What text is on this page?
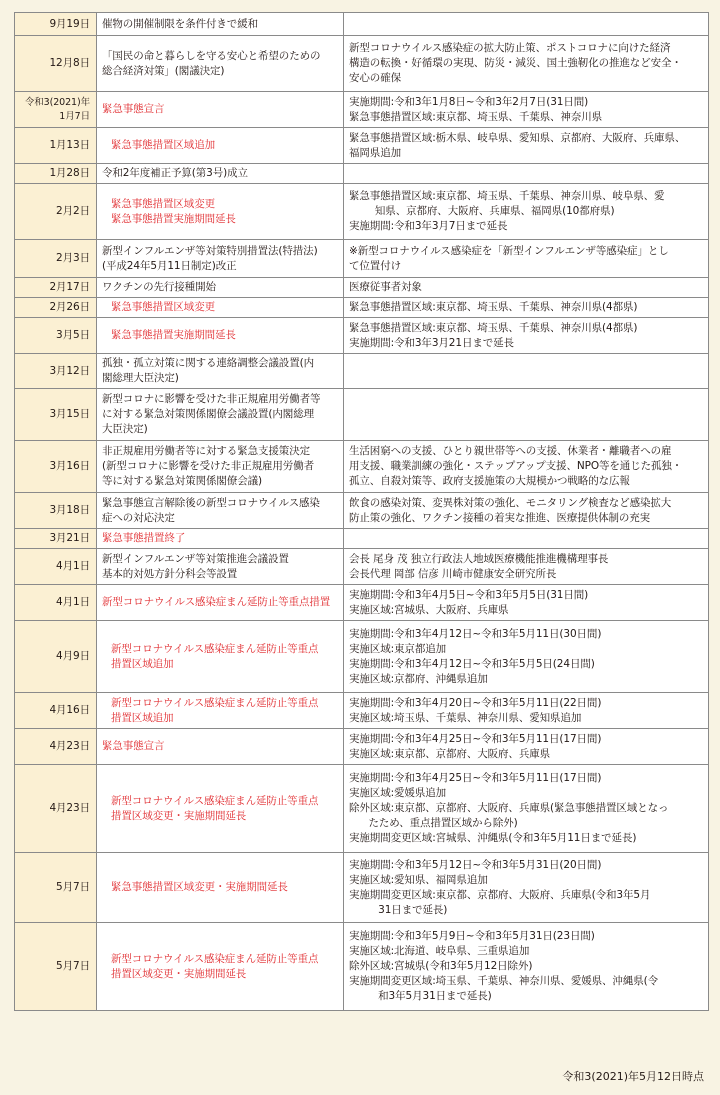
9月19日	催物の開催制限を条件付きで緩和	
12月8日	「国民の命と暮らしを守る安心と希望のための
総合経済対策」(閣議決定)	新型コロナウイルス感染症の拡大防止策、ポストコロナに向けた経済
構造の転換・好循環の実現、防災・減災、国土強靭化の推進など安全・
安心の確保
令和3(2021)年
1月7日	緊急事態宣言	実施期間:令和3年1月8日~令和3年2月7日(31日間)
緊急事態措置区域:東京都、埼玉県、千葉県、神奈川県
1月13日	緊急事態措置区域追加	緊急事態措置区域:栃木県、岐阜県、愛知県、京都府、大阪府、兵庫県、
福岡県追加
1月28日	令和2年度補正予算(第3号)成立	
2月2日	緊急事態措置区域変更
緊急事態措置実施期間延長	緊急事態措置区域:東京都、埼玉県、千葉県、神奈川県、岐阜県、愛
知県、京都府、大阪府、兵庫県、福岡県(10都府県)
実施期間:令和3年3月7日まで延長
2月3日	新型インフルエンザ等対策特別措置法(特措法)
(平成24年5月11日制定)改正	※新型コロナウイルス感染症を「新型インフルエンザ等感染症」とし
て位置付け
2月17日	ワクチンの先行接種開始	医療従事者対象
2月26日	緊急事態措置区域変更	緊急事態措置区域:東京都、埼玉県、千葉県、神奈川県(4都県)
3月5日	緊急事態措置実施期間延長	緊急事態措置区域:東京都、埼玉県、千葉県、神奈川県(4都県)
実施期間:令和3年3月21日まで延長
3月12日	孤独・孤立対策に関する連絡調整会議設置(内
閣総理大臣決定)	
3月15日	新型コロナに影響を受けた非正規雇用労働者等
に対する緊急対策関係閣僚会議設置(内閣総理
大臣決定)	
3月16日	非正規雇用労働者等に対する緊急支援策決定
(新型コロナに影響を受けた非正規雇用労働者
等に対する緊急対策関係閣僚会議)	生活困窮への支援、ひとり親世帯等への支援、休業者・離職者への雇
用支援、職業訓練の強化・ステップアップ支援、NPO等を通じた孤独・
孤立、自殺対策等、政府支援施策の大規模かつ戦略的な広報
3月18日	緊急事態宣言解除後の新型コロナウイルス感染
症への対応決定	飲食の感染対策、変異株対策の強化、モニタリング検査など感染拡大
防止策の強化、ワクチン接種の着実な推進、医療提供体制の充実
3月21日	緊急事態措置終了	
4月1日	新型インフルエンザ等対策推進会議設置
基本的対処方針分科会等設置	会長 尾身 茂 独立行政法人地域医療機能推進機構理事長
会長代理 岡部 信彦 川崎市健康安全研究所長
4月1日	新型コロナウイルス感染症まん延防止等重点措置	実施期間:令和3年4月5日~令和3年5月5日(31日間)
実施区域:宮城県、大阪府、兵庫県
4月9日	新型コロナウイルス感染症まん延防止等重点
措置区域追加	実施期間:令和3年4月12日~令和3年5月11日(30日間)
実施区域:東京都追加
実施期間:令和3年4月12日~令和3年5月5日(24日間)
実施区域:京都府、沖縄県追加
4月16日	新型コロナウイルス感染症まん延防止等重点
措置区域追加	実施期間:令和3年4月20日~令和3年5月11日(22日間)
実施区域:埼玉県、千葉県、神奈川県、愛知県追加
4月23日	緊急事態宣言	実施期間:令和3年4月25日~令和3年5月11日(17日間)
実施区域:東京都、京都府、大阪府、兵庫県
4月23日	新型コロナウイルス感染症まん延防止等重点
措置区域変更・実施期間延長	実施期間:令和3年4月25日~令和3年5月11日(17日間)
実施区域:愛媛県追加
除外区域:東京都、京都府、大阪府、兵庫県(緊急事態措置区域となっ
たため、重点措置区域から除外)
実施期間変更区域:宮城県、沖縄県(令和3年5月11日まで延長)
5月7日	緊急事態措置区域変更・実施期間延長	実施期間:令和3年5月12日~令和3年5月31日(20日間)
実施区域:愛知県、福岡県追加
実施期間変更区域:東京都、京都府、大阪府、兵庫県(令和3年5月
31日まで延長)
5月7日	新型コロナウイルス感染症まん延防止等重点
措置区域変更・実施期間延長	実施期間:令和3年5月9日~令和3年5月31日(23日間)
実施区域:北海道、岐阜県、三重県追加
除外区域:宮城県(令和3年5月12日除外)
実施期間変更区域:埼玉県、千葉県、神奈川県、愛媛県、沖縄県(令
和3年5月31日まで延長)
令和3(2021)年5月12日時点
